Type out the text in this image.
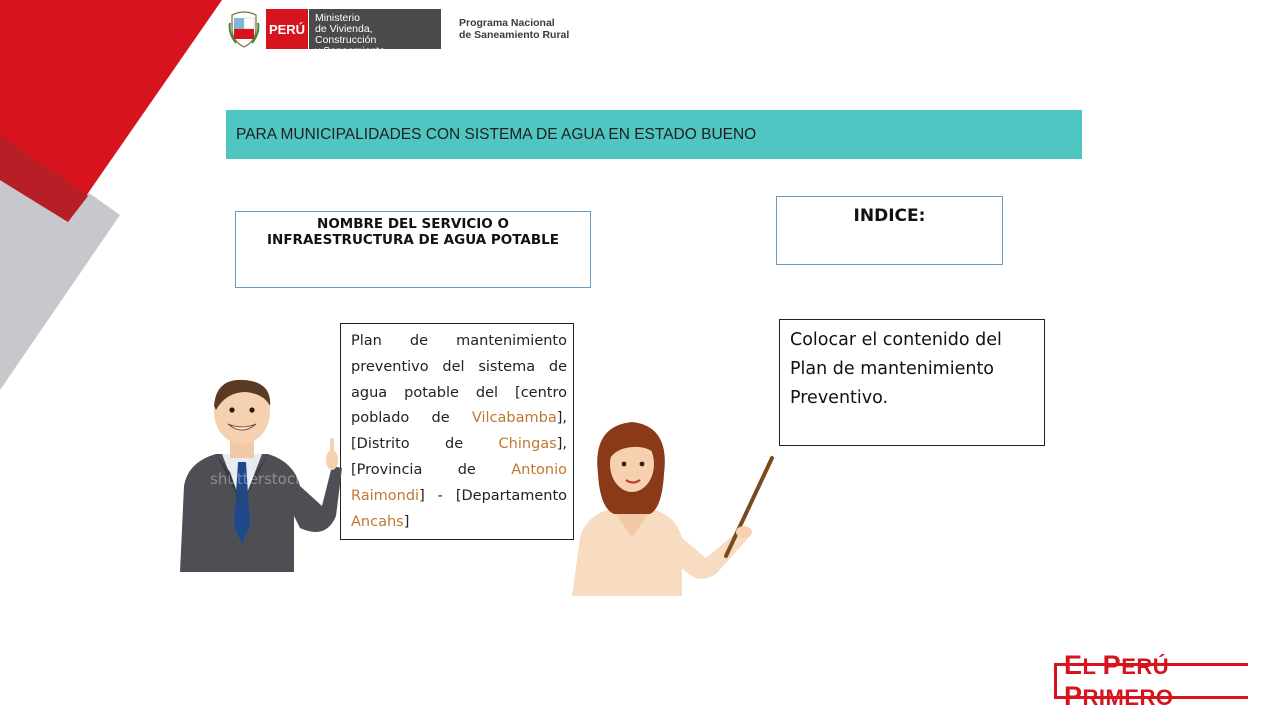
PERÚ
Ministerio
de Vivienda, Construcción
y Saneamiento
Programa Nacional
de Saneamiento Rural
PARA MUNICIPALIDADES CON SISTEMA DE AGUA EN ESTADO BUENO
NOMBRE DEL SERVICIO O
INFRAESTRUCTURA DE AGUA POTABLE
INDICE:
Plan de mantenimiento preventivo del sistema de agua potable del [centro poblado de Vilcabamba], [Distrito de Chingas], [Provincia de Antonio Raimondi] - [Departamento Ancahs]
Colocar el contenido del Plan de mantenimiento Preventivo.
shutterstock
EL PERÚ PRIMERO
